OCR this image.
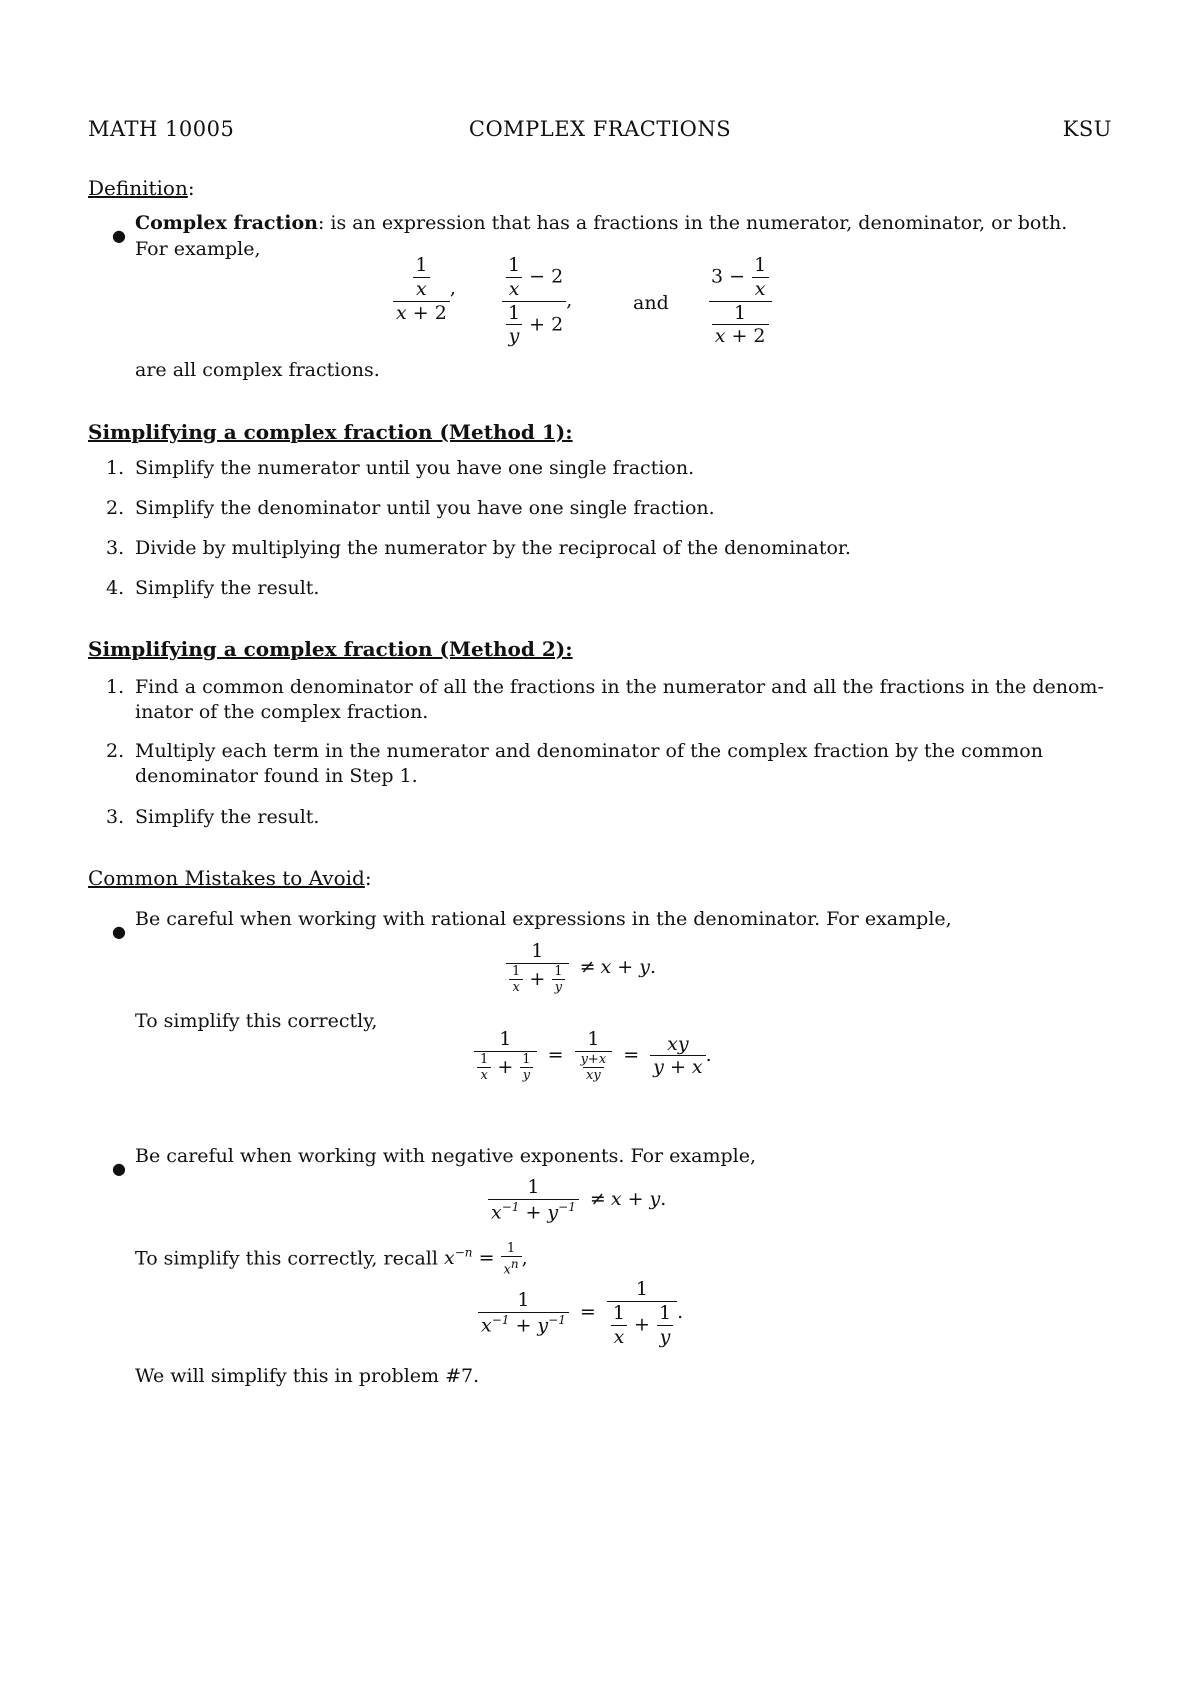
MATH 10005	COMPLEX FRACTIONS	KSU
Definition:
●
Complex fraction: is an expression that has a fractions in the numerator, denominator, or both.
For example,
$\frac{\frac{1}{x}}{x + 2}$ , $\frac{\frac{1}{x} - 2}{\frac{1}{y} + 2}$ ,	and $\frac{3 - \frac{1}{x}}{\frac{1}{x + 2}}$
are all complex fractions.
Simplifying a complex fraction (Method 1):
1. Simplify the numerator until you have one single fraction.
2. Simplify the denominator until you have one single fraction.
3. Divide by multiplying the numerator by the reciprocal of the denominator.
4. Simplify the result.
Simplifying a complex fraction (Method 2):
1. Find a common denominator of all the fractions in the numerator and all the fractions in the denom-
inator of the complex fraction.
2. Multiply each term in the numerator and denominator of the complex fraction by the common
denominator found in Step 1.
3. Simplify the result.
Common Mistakes to Avoid:
●
Be careful when working with rational expressions in the denominator. For example,
$\frac{1}{\frac{1}{x} + \frac{1}{y}} \ne x + y$.
To simplify this correctly,
$\frac{1}{\frac{1}{x} + \frac{1}{y}} = \frac{1}{\frac{y+x}{xy}} = \frac{xy}{y + x}$ .
●
Be careful when working with negative exponents. For example,
$\frac{1}{x^{-1} + y^{-1}} \ne x + y$.
To simplify this correctly, recall $x^{-n} = \frac{1}{xn}$ ,
$\frac{1}{x^{-1} + y^{-1}} = \frac{1}{\frac{1}{x} + \frac{1}{y}}$ .
We will simplify this in problem #7.
